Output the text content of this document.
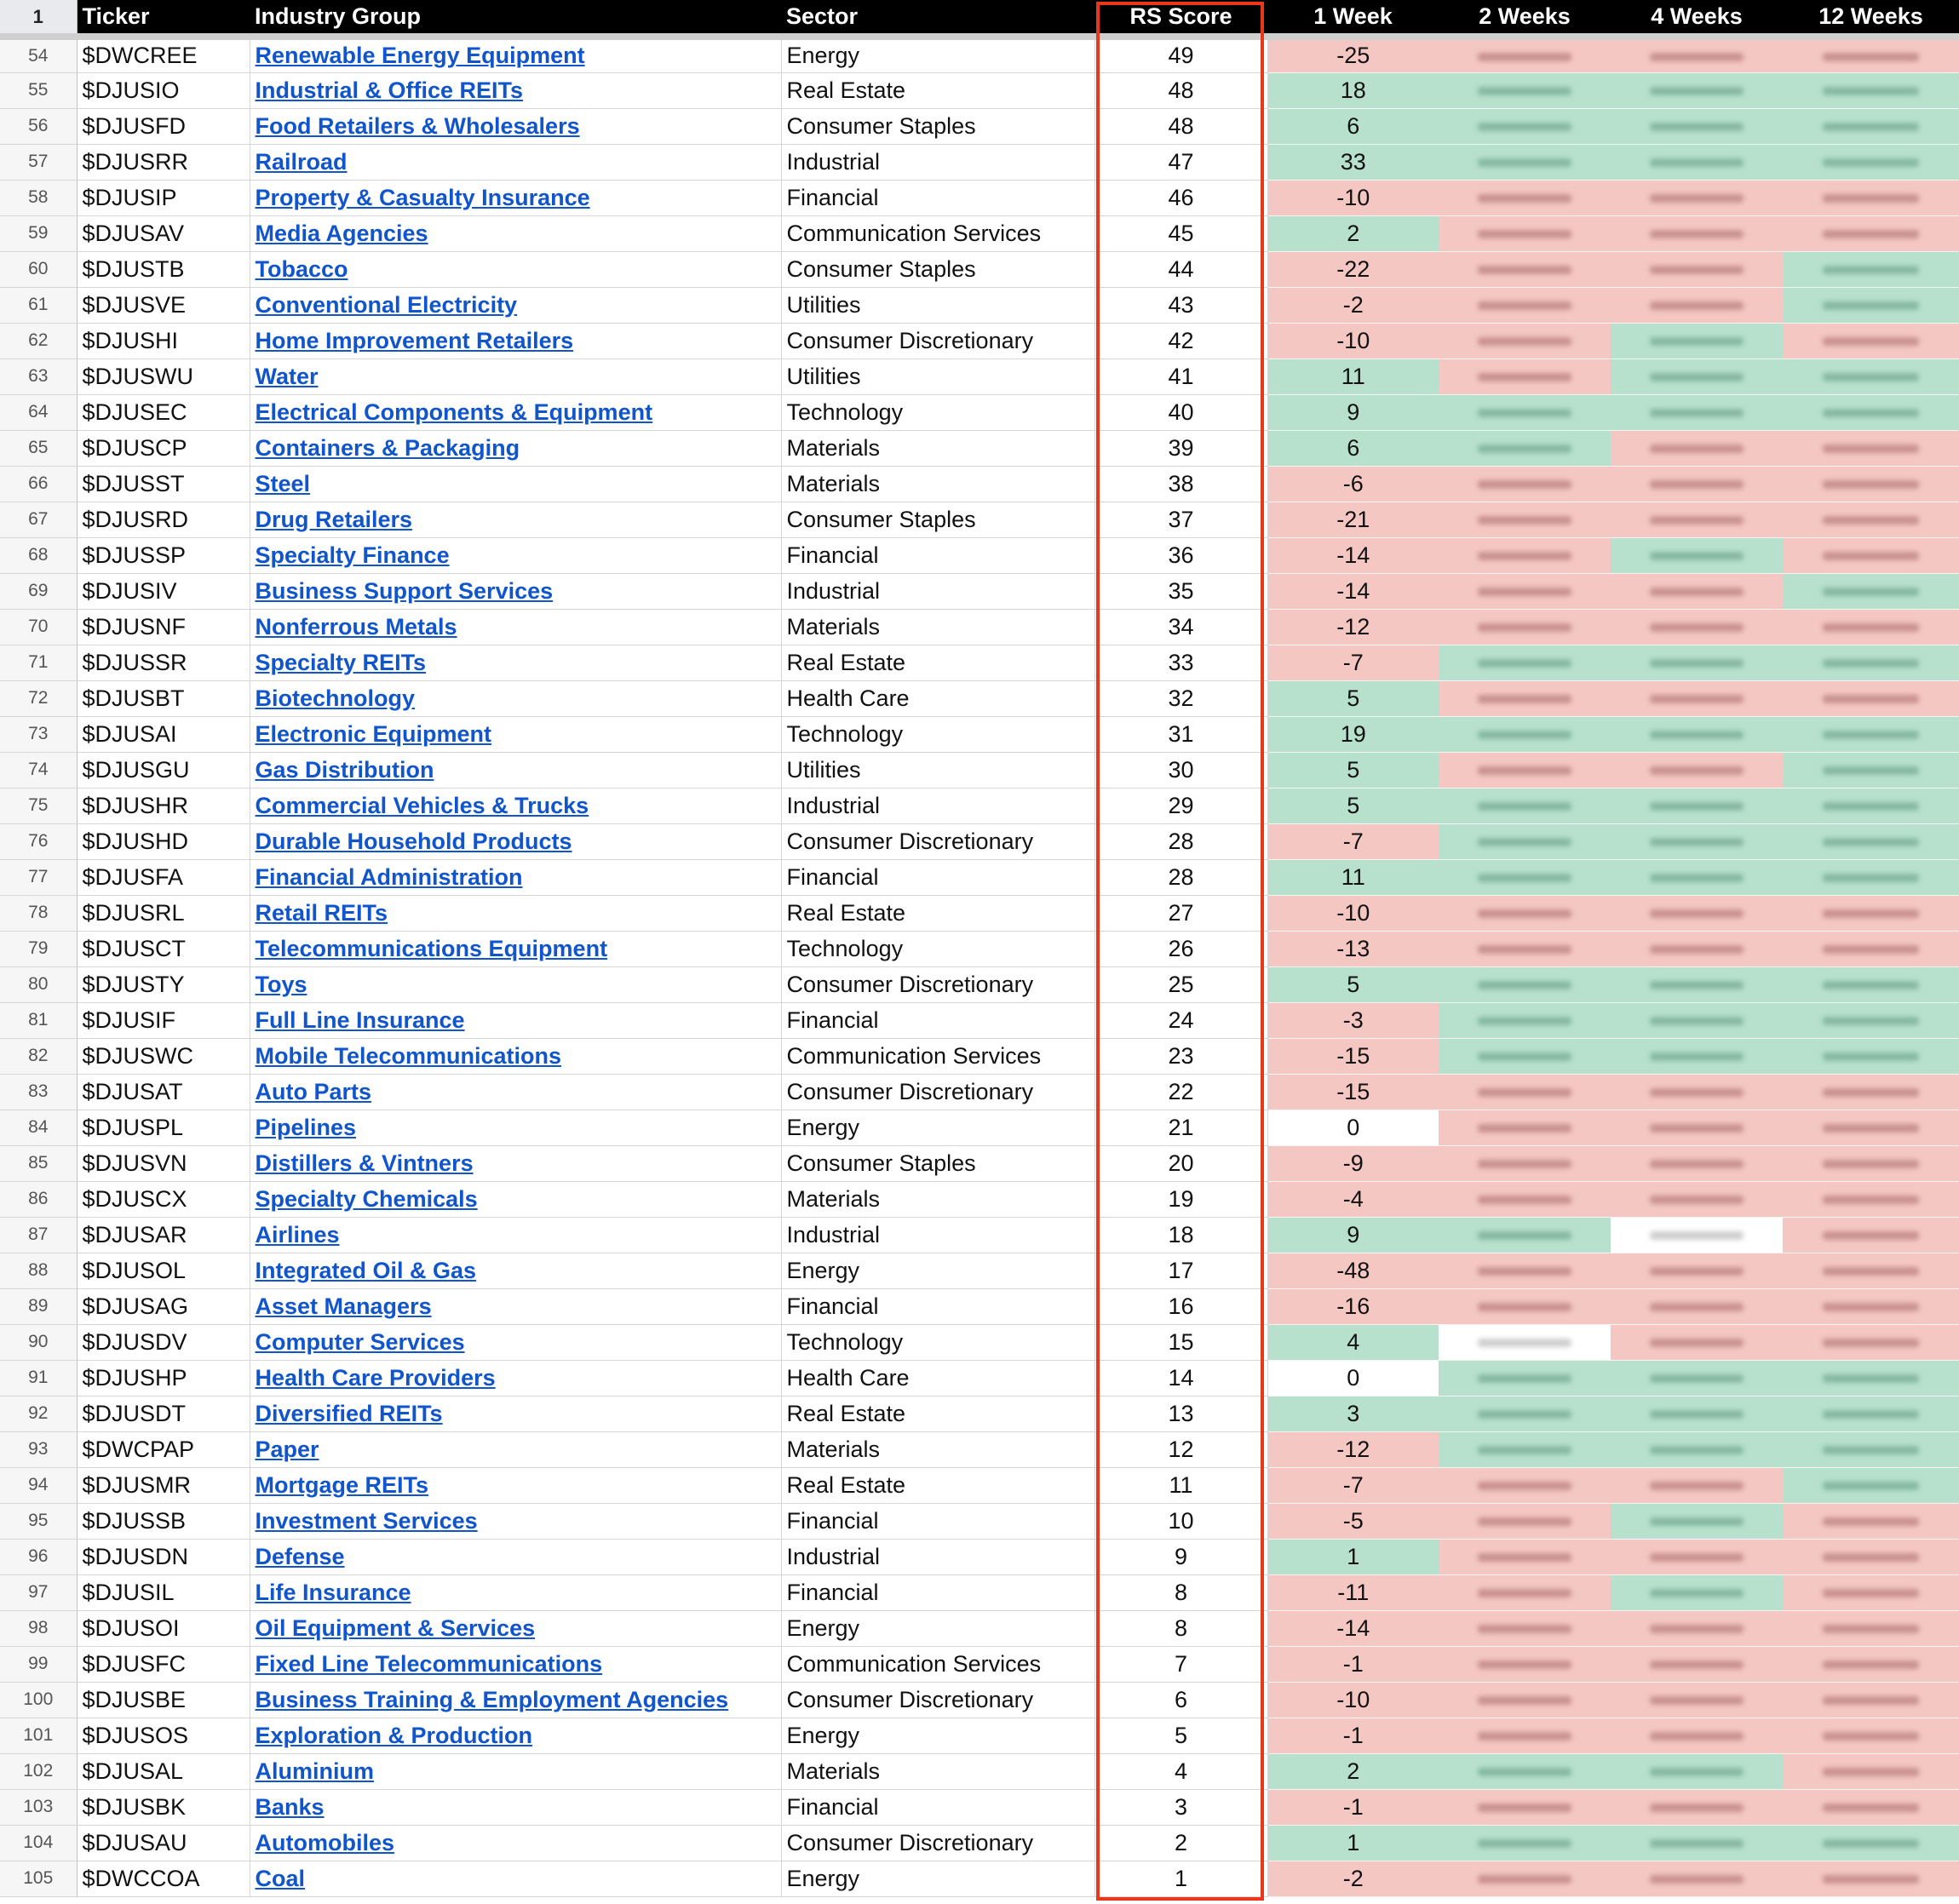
1	Ticker	Industry Group	Sector	RS Score	1 Week	2 Weeks	4 Weeks	12 Weeks
54	$DWCREE	Renewable Energy Equipment	Energy	49	-25			
55	$DJUSIO	Industrial & Office REITs	Real Estate	48	18			
56	$DJUSFD	Food Retailers & Wholesalers	Consumer Staples	48	6			
57	$DJUSRR	Railroad	Industrial	47	33			
58	$DJUSIP	Property & Casualty Insurance	Financial	46	-10			
59	$DJUSAV	Media Agencies	Communication Services	45	2			
60	$DJUSTB	Tobacco	Consumer Staples	44	-22			
61	$DJUSVE	Conventional Electricity	Utilities	43	-2			
62	$DJUSHI	Home Improvement Retailers	Consumer Discretionary	42	-10			
63	$DJUSWU	Water	Utilities	41	11			
64	$DJUSEC	Electrical Components & Equipment	Technology	40	9			
65	$DJUSCP	Containers & Packaging	Materials	39	6			
66	$DJUSST	Steel	Materials	38	-6			
67	$DJUSRD	Drug Retailers	Consumer Staples	37	-21			
68	$DJUSSP	Specialty Finance	Financial	36	-14			
69	$DJUSIV	Business Support Services	Industrial	35	-14			
70	$DJUSNF	Nonferrous Metals	Materials	34	-12			
71	$DJUSSR	Specialty REITs	Real Estate	33	-7			
72	$DJUSBT	Biotechnology	Health Care	32	5			
73	$DJUSAI	Electronic Equipment	Technology	31	19			
74	$DJUSGU	Gas Distribution	Utilities	30	5			
75	$DJUSHR	Commercial Vehicles & Trucks	Industrial	29	5			
76	$DJUSHD	Durable Household Products	Consumer Discretionary	28	-7			
77	$DJUSFA	Financial Administration	Financial	28	11			
78	$DJUSRL	Retail REITs	Real Estate	27	-10			
79	$DJUSCT	Telecommunications Equipment	Technology	26	-13			
80	$DJUSTY	Toys	Consumer Discretionary	25	5			
81	$DJUSIF	Full Line Insurance	Financial	24	-3			
82	$DJUSWC	Mobile Telecommunications	Communication Services	23	-15			
83	$DJUSAT	Auto Parts	Consumer Discretionary	22	-15			
84	$DJUSPL	Pipelines	Energy	21	0			
85	$DJUSVN	Distillers & Vintners	Consumer Staples	20	-9			
86	$DJUSCX	Specialty Chemicals	Materials	19	-4			
87	$DJUSAR	Airlines	Industrial	18	9			
88	$DJUSOL	Integrated Oil & Gas	Energy	17	-48			
89	$DJUSAG	Asset Managers	Financial	16	-16			
90	$DJUSDV	Computer Services	Technology	15	4			
91	$DJUSHP	Health Care Providers	Health Care	14	0			
92	$DJUSDT	Diversified REITs	Real Estate	13	3			
93	$DWCPAP	Paper	Materials	12	-12			
94	$DJUSMR	Mortgage REITs	Real Estate	11	-7			
95	$DJUSSB	Investment Services	Financial	10	-5			
96	$DJUSDN	Defense	Industrial	9	1			
97	$DJUSIL	Life Insurance	Financial	8	-11			
98	$DJUSOI	Oil Equipment & Services	Energy	8	-14			
99	$DJUSFC	Fixed Line Telecommunications	Communication Services	7	-1			
100	$DJUSBE	Business Training & Employment Agencies	Consumer Discretionary	6	-10			
101	$DJUSOS	Exploration & Production	Energy	5	-1			
102	$DJUSAL	Aluminium	Materials	4	2			
103	$DJUSBK	Banks	Financial	3	-1			
104	$DJUSAU	Automobiles	Consumer Discretionary	2	1			
105	$DWCCOA	Coal	Energy	1	-2			
